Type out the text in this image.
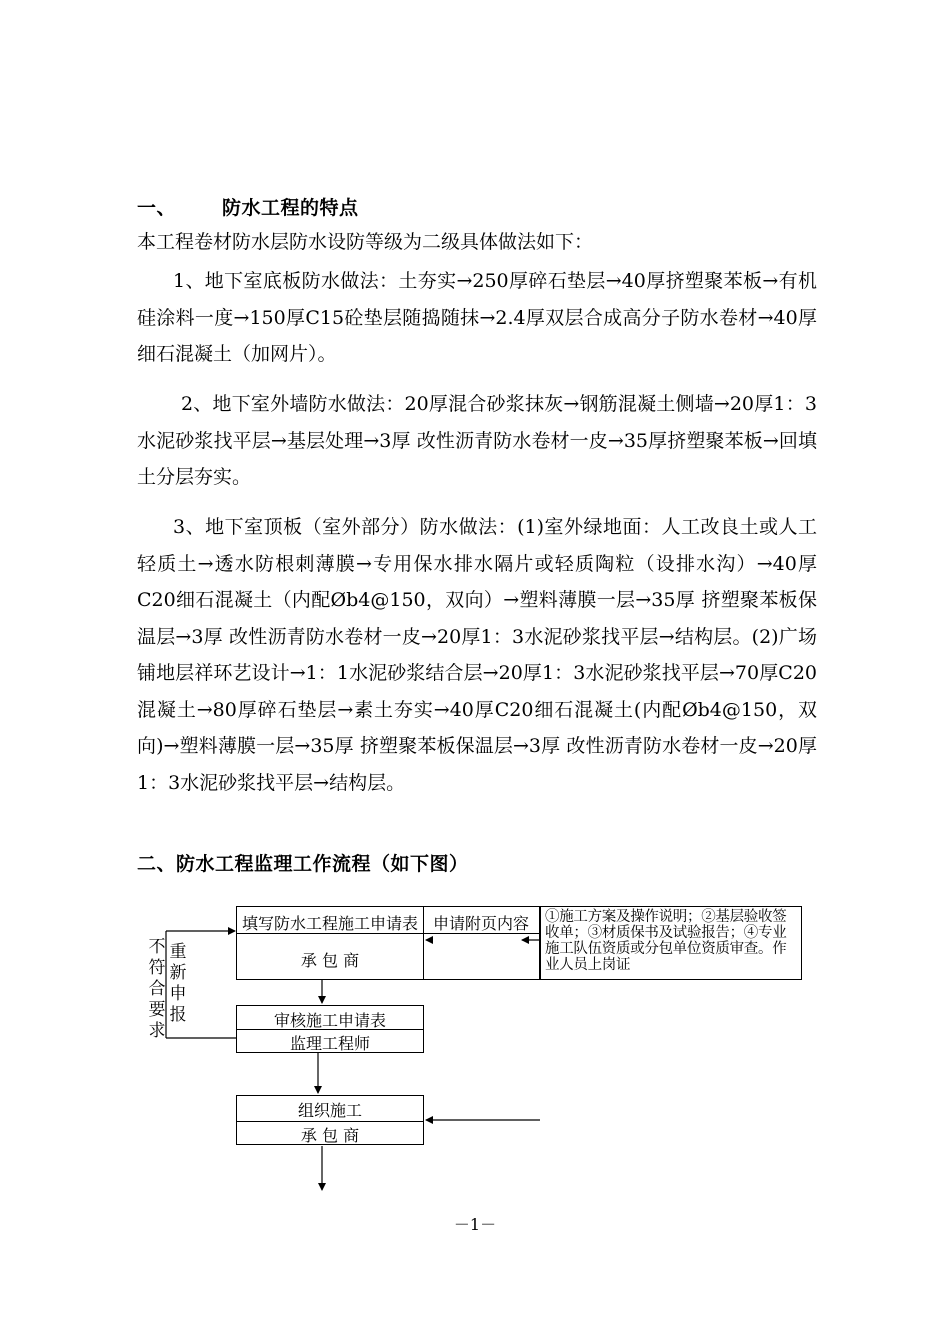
一、 防水工程的特点
本工程卷材防水层防水设防等级为二级具体做法如下：
1、地下室底板防水做法：土夯实→250厚碎石垫层→40厚挤塑聚苯板→有机硅涂料一度→150厚C15砼垫层随捣随抹→2.4厚双层合成高分子防水卷材→40厚细石混凝土（加网片）。
2、地下室外墙防水做法：20厚混合砂浆抹灰→钢筋混凝土侧墙→20厚1：3水泥砂浆找平层→基层处理→3厚 改性沥青防水卷材一皮→35厚挤塑聚苯板→回填土分层夯实。
3、地下室顶板（室外部分）防水做法：(1)室外绿地面：人工改良土或人工轻质土→透水防根刺薄膜→专用保水排水隔片或轻质陶粒（设排水沟）→40厚C20细石混凝土（内配Øb4@150，双向）→塑料薄膜一层→35厚 挤塑聚苯板保温层→3厚 改性沥青防水卷材一皮→20厚1：3水泥砂浆找平层→结构层。(2)广场铺地层祥环艺设计→1：1水泥砂浆结合层→20厚1：3水泥砂浆找平层→70厚C20混凝土→80厚碎石垫层→素土夯实→40厚C20细石混凝土(内配Øb4@150，双向)→塑料薄膜一层→35厚 挤塑聚苯板保温层→3厚 改性沥青防水卷材一皮→20厚1：3水泥砂浆找平层→结构层。
二、防水工程监理工作流程（如下图）
填写防水工程施工申请表
承 包 商
申请附页内容	①施工方案及操作说明；②基层验收签收单；③材质保书及试验报告；④专业施工队伍资质或分包单位资质审查。作业人员上岗证
审核施工申请表
监理工程师
组织施工
承 包 商
不
符
合
要
求
重
新
申
报
－1－
